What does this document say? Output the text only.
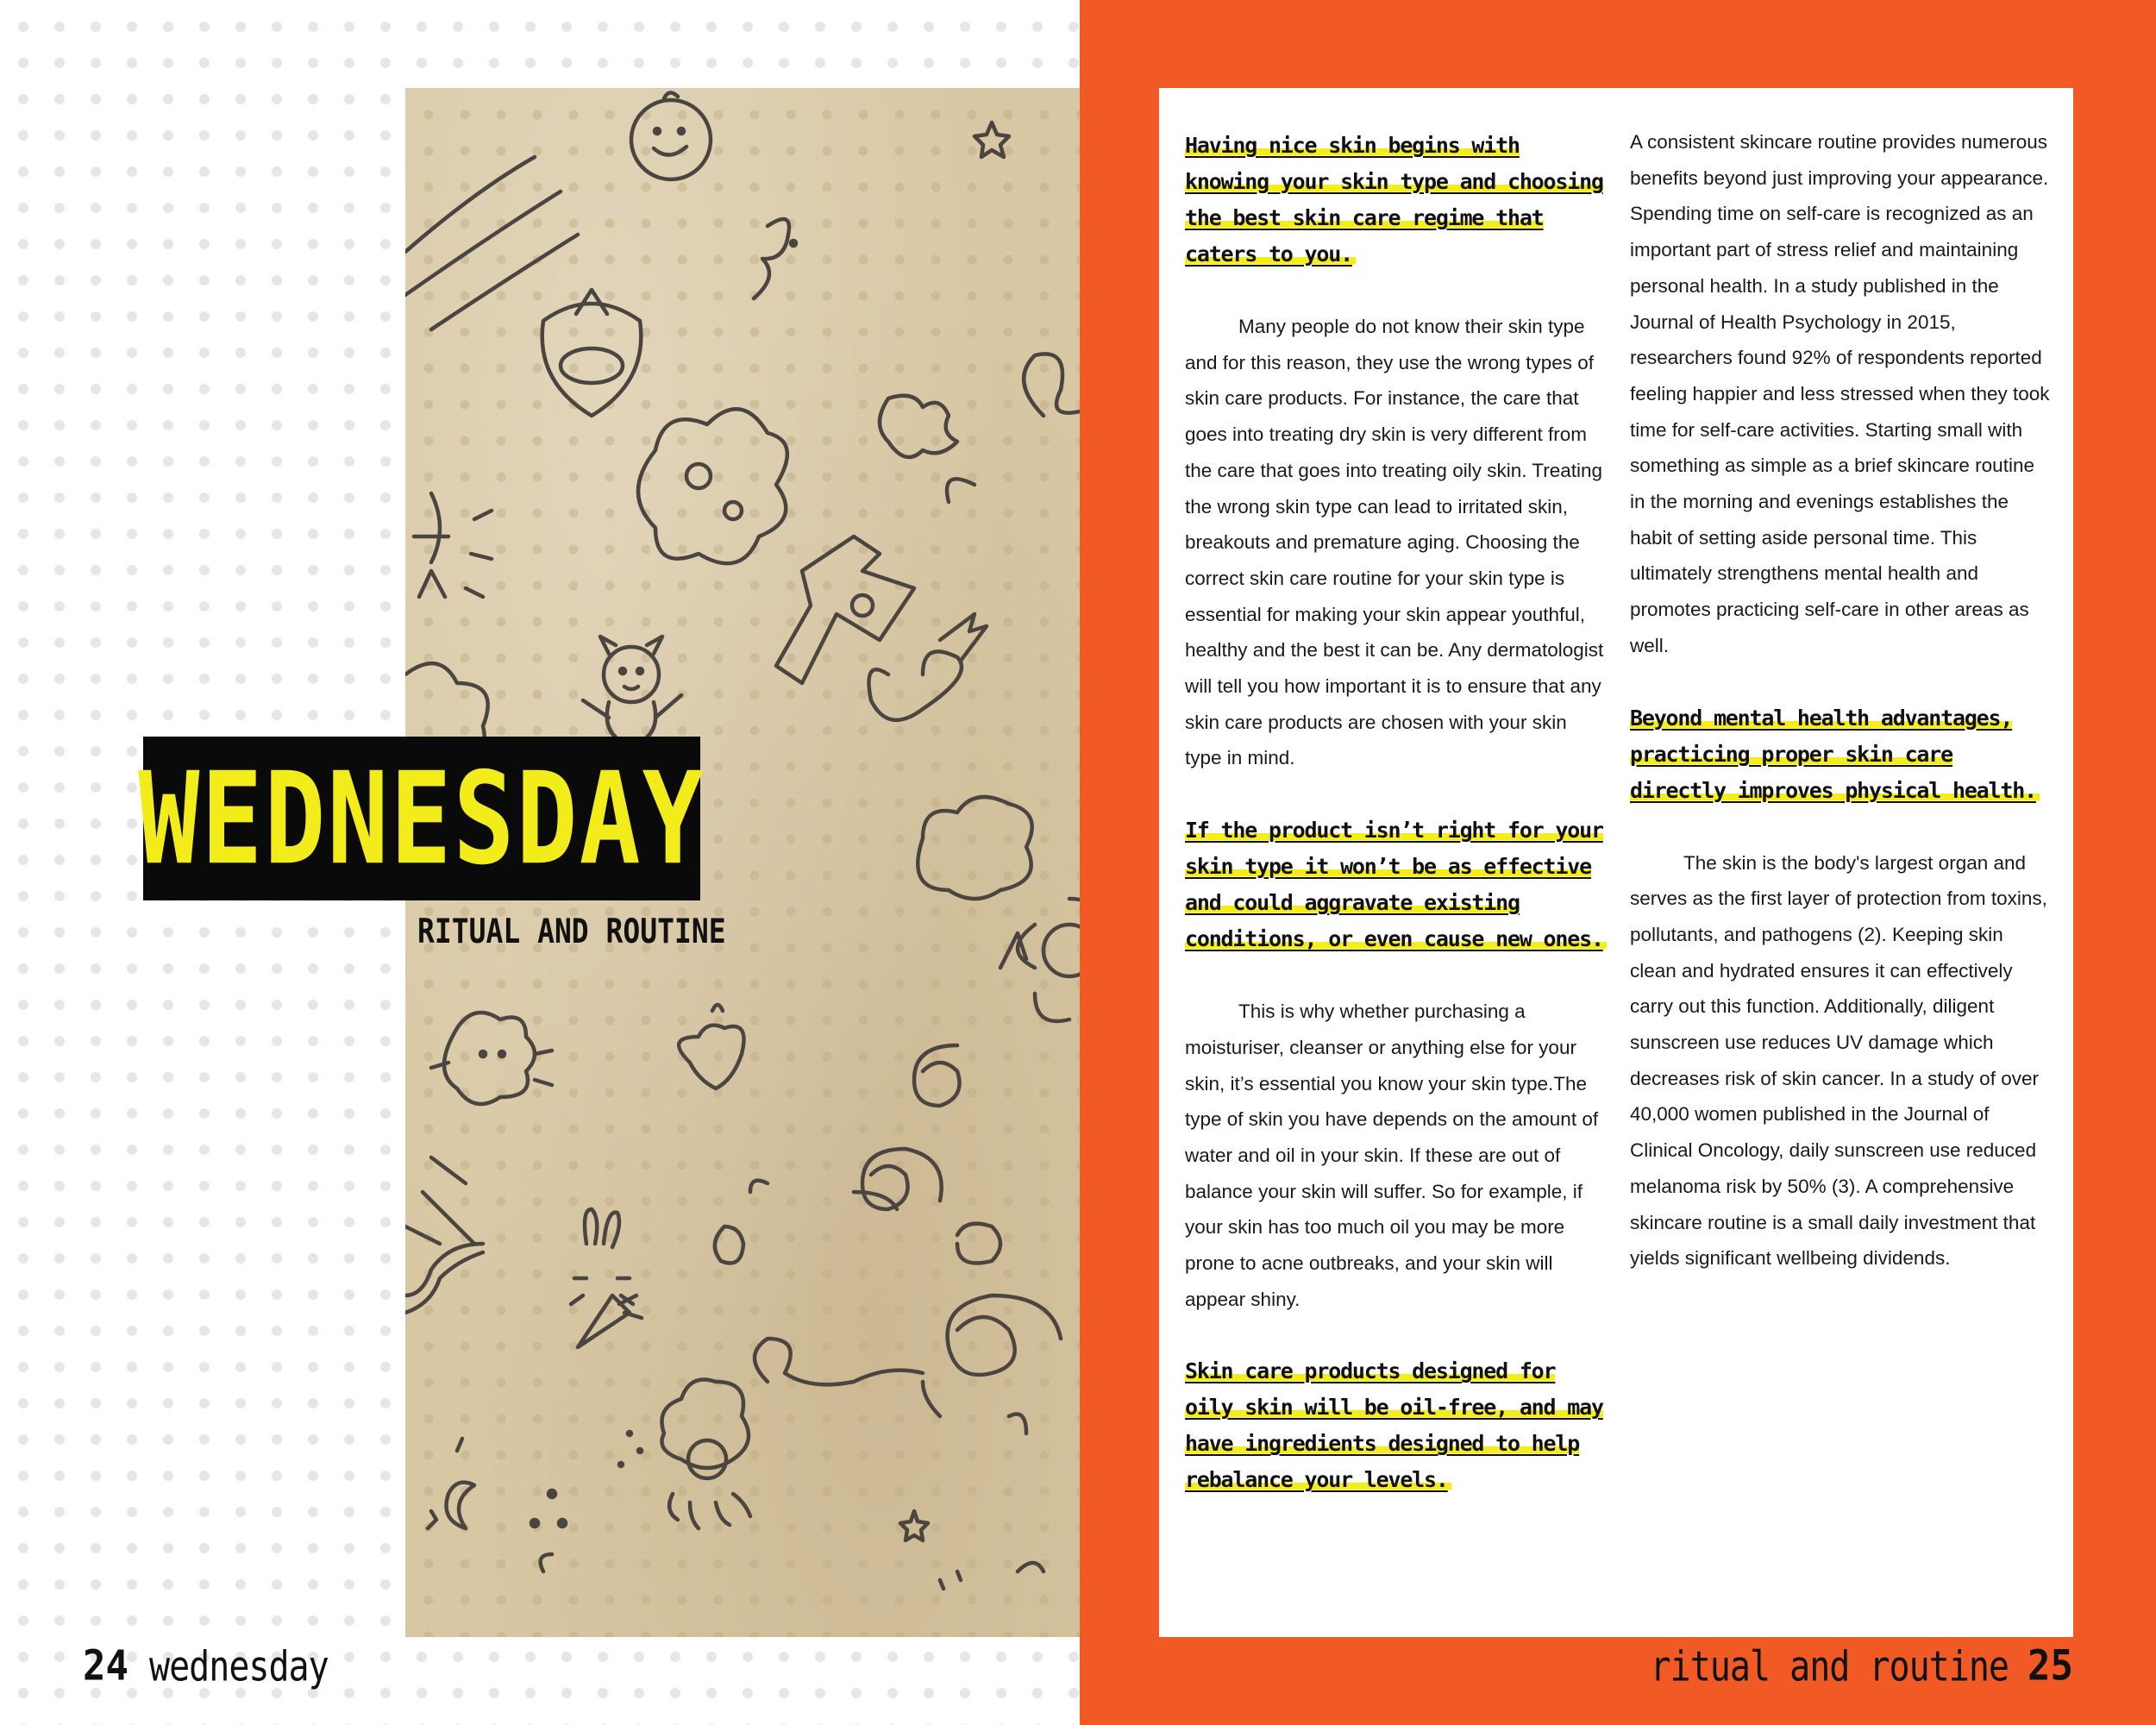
WEDNESDAY
RITUAL AND ROUTINE
24 wednesday

Having nice skin begins with knowing your skin type and choosing the best skin care regime that caters to you.

Many people do not know their skin type and for this reason, they use the wrong types of skin care products. For instance, the care that goes into treating dry skin is very different from the care that goes into treating oily skin. Treating the wrong skin type can lead to irritated skin, breakouts and premature aging. Choosing the correct skin care routine for your skin type is essential for making your skin appear youthful, healthy and the best it can be. Any dermatologist will tell you how important it is to ensure that any skin care products are chosen with your skin type in mind.

If the product isn’t right for your skin type it won’t be as effective and could aggravate existing conditions, or even cause new ones.

This is why whether purchasing a moisturiser, cleanser or anything else for your skin, it’s essential you know your skin type.The type of skin you have depends on the amount of water and oil in your skin. If these are out of balance your skin will suffer. So for example, if your skin has too much oil you may be more prone to acne outbreaks, and your skin will appear shiny.

Skin care products designed for oily skin will be oil-free, and may have ingredients designed to help rebalance your levels.

A consistent skincare routine provides numerous benefits beyond just improving your appearance. Spending time on self-care is recognized as an important part of stress relief and maintaining personal health. In a study published in the Journal of Health Psychology in 2015, researchers found 92% of respondents reported feeling happier and less stressed when they took time for self-care activities. Starting small with something as simple as a brief skincare routine in the morning and evenings establishes the habit of setting aside personal time. This ultimately strengthens mental health and promotes practicing self-care in other areas as well.

Beyond mental health advantages, practicing proper skin care directly improves physical health.

The skin is the body's largest organ and serves as the first layer of protection from toxins, pollutants, and pathogens (2). Keeping skin clean and hydrated ensures it can effectively carry out this function. Additionally, diligent sunscreen use reduces UV damage which decreases risk of skin cancer. In a study of over 40,000 women published in the Journal of Clinical Oncology, daily sunscreen use reduced melanoma risk by 50% (3). A comprehensive skincare routine is a small daily investment that yields significant wellbeing dividends.

ritual and routine 25
